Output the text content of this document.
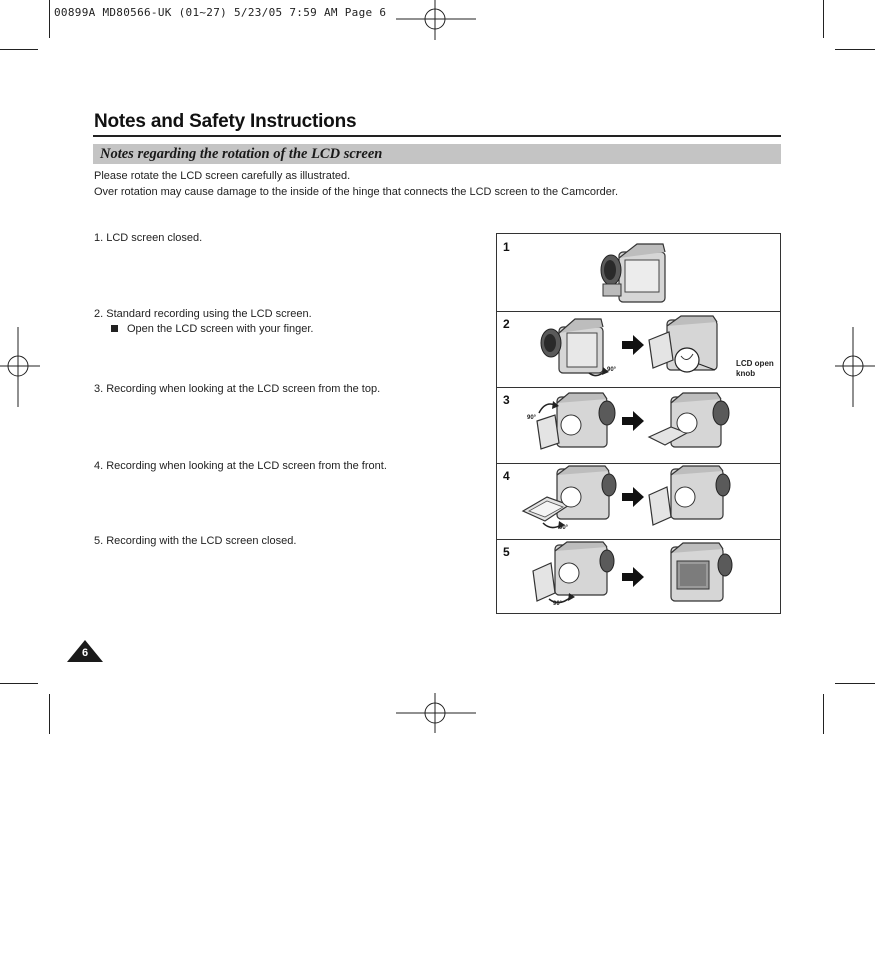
00899A MD80566-UK (01~27) 5/23/05 7:59 AM Page 6
Notes and Safety Instructions
Notes regarding the rotation of the LCD screen
Please rotate the LCD screen carefully as illustrated.
Over rotation may cause damage to the inside of the hinge that connects the LCD screen to the Camcorder.
1. LCD screen closed.
2. Standard recording using the LCD screen.
Open the LCD screen with your finger.
3. Recording when looking at the LCD screen from the top.
4. Recording when looking at the LCD screen from the front.
5. Recording with the LCD screen closed.
1
2
90°
LCD open
knob
3
90°
4
90°
5
90°
6
